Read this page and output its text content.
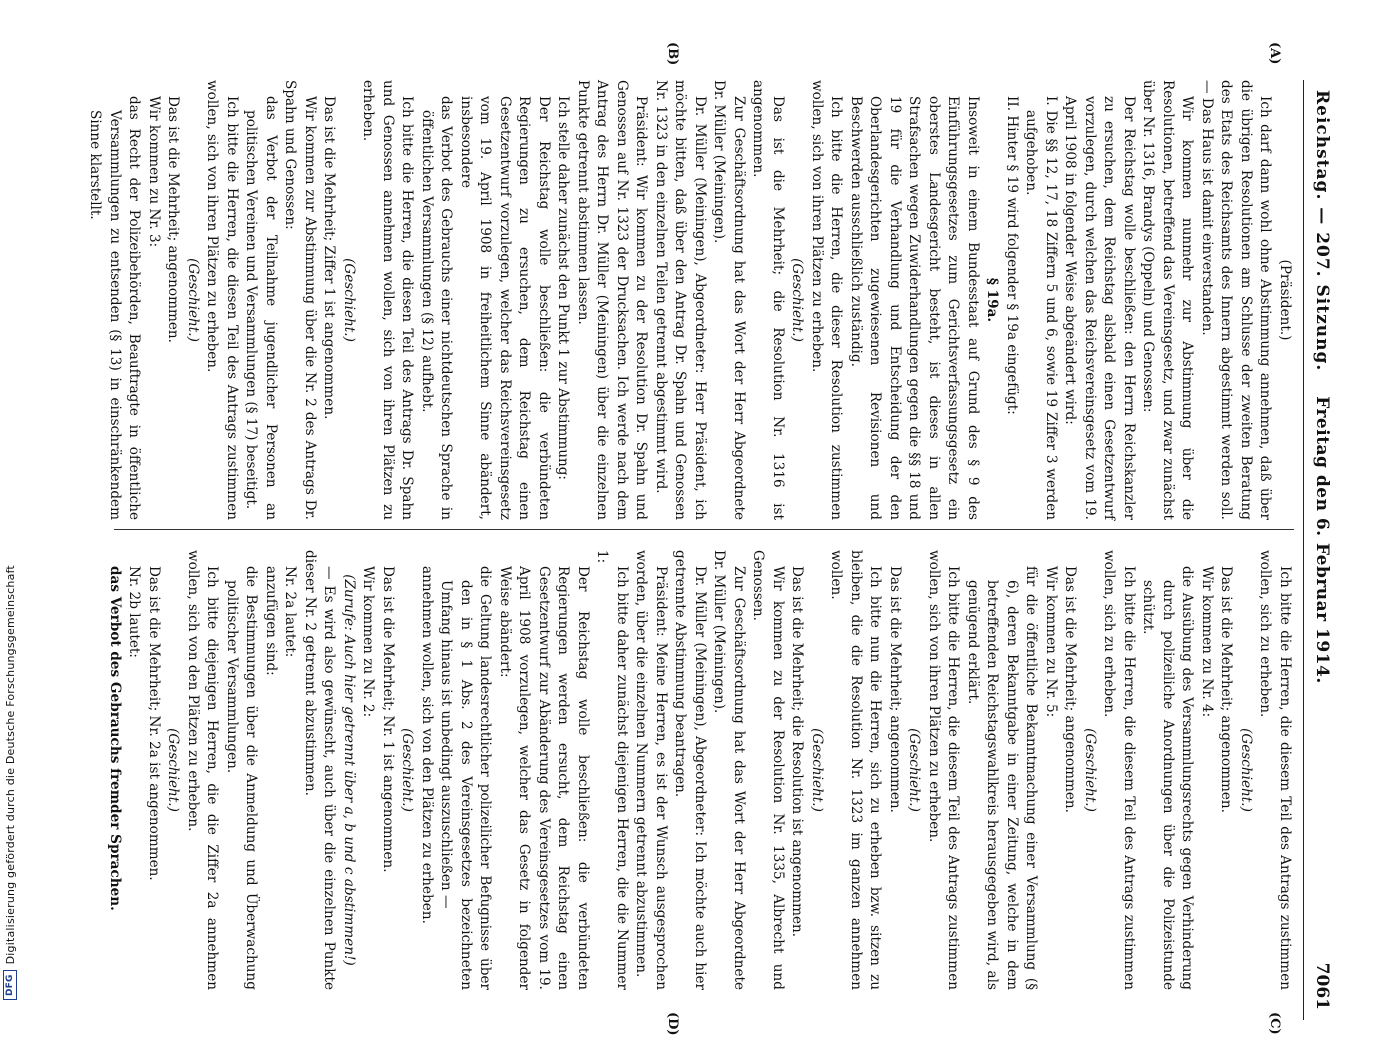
Reichstag. — 207. Sitzung.
Freitag den 6. Februar 1914.
7061
(A)
(B)
(C)
(D)

(Präsident.)

Ich darf dann wohl ohne Abstimmung annehmen, daß über die übrigen Resolutionen am Schlusse der zweiten Beratung des Etats des Reichsamts des Innern abgestimmt werden soll. — Das Haus ist damit einverstanden.

Wir kommen nunmehr zur Abstimmung über die Resolutionen, betreffend das Vereinsgesetz, und zwar zunächst über Nr. 1316, Brandys (Oppeln) und Genossen:

Der Reichstag wolle beschließen: den Herrn Reichskanzler zu ersuchen, dem Reichstag alsbald einen Gesetzentwurf vorzulegen, durch welchen das Reichsvereinsgesetz vom 19. April 1908 in folgender Weise abgeändert wird:

I. Die §§ 12, 17, 18 Ziffern 5 und 6, sowie 19 Ziffer 3 werden aufgehoben.

II. Hinter § 19 wird folgender § 19a eingefügt:

§ 19a.

Insoweit in einem Bundesstaat auf Grund des § 9 des Einführungsgesetzes zum Gerichtsverfassungsgesetz ein oberstes Landesgericht besteht, ist dieses in allen Strafsachen wegen Zuwiderhandlungen gegen die §§ 18 und 19 für die Verhandlung und Entscheidung der den Oberlandesgerichten zugewiesenen Revisionen und Beschwerden ausschließlich zuständig.

Ich bitte die Herren, die dieser Resolution zustimmen wollen, sich von ihren Plätzen zu erheben.

(Geschieht.)

Das ist die Mehrheit; die Resolution Nr. 1316 ist angenommen.

Zur Geschäftsordnung hat das Wort der Herr Abgeordnete Dr. Müller (Meiningen).

Dr. Müller (Meiningen), Abgeordneter: Herr Präsident, ich möchte bitten, daß über den Antrag Dr. Spahn und Genossen Nr. 1323 in den einzelnen Teilen getrennt abgestimmt wird.

Präsident: Wir kommen zu der Resolution Dr. Spahn und Genossen auf Nr. 1323 der Drucksachen. Ich werde nach dem Antrag des Herrn Dr. Müller (Meiningen) über die einzelnen Punkte getrennt abstimmen lassen.

Ich stelle daher zunächst den Punkt 1 zur Abstimmung:

Der Reichstag wolle beschließen: die verbündeten Regierungen zu ersuchen, dem Reichstag einen Gesetzentwurf vorzulegen, welcher das Reichsvereinsgesetz vom 19. April 1908 in freiheitlichem Sinne abändert, insbesondere

das Verbot des Gebrauchs einer nichtdeutschen Sprache in öffentlichen Versammlungen (§ 12) aufhebt.

Ich bitte die Herren, die diesen Teil des Antrags Dr. Spahn und Genossen annehmen wollen, sich von ihren Plätzen zu erheben.

(Geschieht.)

Das ist die Mehrheit; Ziffer 1 ist angenommen.

Wir kommen zur Abstimmung über die Nr. 2 des Antrags Dr. Spahn und Genossen:

das Verbot der Teilnahme jugendlicher Personen an politischen Vereinen und Versammlungen (§ 17) beseitigt.

Ich bitte die Herren, die diesen Teil des Antrags zustimmen wollen, sich von ihren Plätzen zu erheben.

(Geschieht.)

Das ist die Mehrheit; angenommen.

Wir kommen zu Nr. 3:

das Recht der Polizeibehörden, Beauftragte in öffentliche Versammlungen zu entsenden (§ 13) in einschränkendem Sinne klarstellt.

Ich bitte die Herren, die diesem Teil des Antrags zustimmen wollen, sich zu erheben.

(Geschieht.)

Das ist die Mehrheit; angenommen.

Wir kommen zu Nr. 4:

die Ausübung des Versammlungsrechts gegen Verhinderung durch polizeiliche Anordnungen über die Polizeistunde schützt.

Ich bitte die Herren, die diesem Teil des Antrags zustimmen wollen, sich zu erheben.

(Geschieht.)

Das ist die Mehrheit; angenommen.

Wir kommen zu Nr. 5:

für die öffentliche Bekanntmachung einer Versammlung (§ 6), deren Bekanntgabe in einer Zeitung, welche in dem betreffenden Reichstagswahlkreis herausgegeben wird, als genügend erklärt.

Ich bitte die Herren, die diesem Teil des Antrags zustimmen wollen, sich von ihren Plätzen zu erheben.

(Geschieht.)

Das ist die Mehrheit; angenommen.

Ich bitte nun die Herren, sich zu erheben bzw. sitzen zu bleiben, die die Resolution Nr. 1323 im ganzen annehmen wollen.

(Geschieht.)

Das ist die Mehrheit; die Resolution ist angenommen.

Wir kommen zu der Resolution Nr. 1335, Albrecht und Genossen.

Zur Geschäftsordnung hat das Wort der Herr Abgeordnete Dr. Müller (Meiningen).

Dr. Müller (Meiningen), Abgeordneter: Ich möchte auch hier getrennte Abstimmung beantragen.

Präsident: Meine Herren, es ist der Wunsch ausgesprochen worden, über die einzelnen Nummern getrennt abzustimmen.

Ich bitte daher zunächst diejenigen Herren, die die Nummer 1:

Der Reichstag wolle beschließen: die verbündeten Regierungen werden ersucht, dem Reichstag einen Gesetzentwurf zur Abänderung des Vereinsgesetzes vom 19. April 1908 vorzulegen, welcher das Gesetz in folgender Weise abändert:

die Geltung landesrechtlicher polizeilicher Befugnisse über den in § 1 Abs. 2 des Vereinsgesetzes bezeichneten Umfang hinaus ist unbedingt auszuschließen —

annehmen wollen, sich von den Plätzen zu erheben.

(Geschieht.)

Das ist die Mehrheit; Nr. 1 ist angenommen.

Wir kommen zu Nr. 2:

(Zurufe: Auch hier getrennt über a, b und c abstimmen!)

— Es wird also gewünscht, auch über die einzelnen Punkte dieser Nr. 2 getrennt abzustimmen.

Nr. 2a lautet:

anzufügen sind:

die Bestimmungen über die Anmeldung und Überwachung politischer Versammlungen.

Ich bitte diejenigen Herren, die die Ziffer 2a annehmen wollen, sich von den Plätzen zu erheben.

(Geschieht.)

Das ist die Mehrheit; Nr. 2a ist angenommen.

Nr. 2b lautet:

das Verbot des Gebrauchs fremder Sprachen.

DFG
Digitalisierung gefördert durch die Deutsche Forschungsgemeinschaft
